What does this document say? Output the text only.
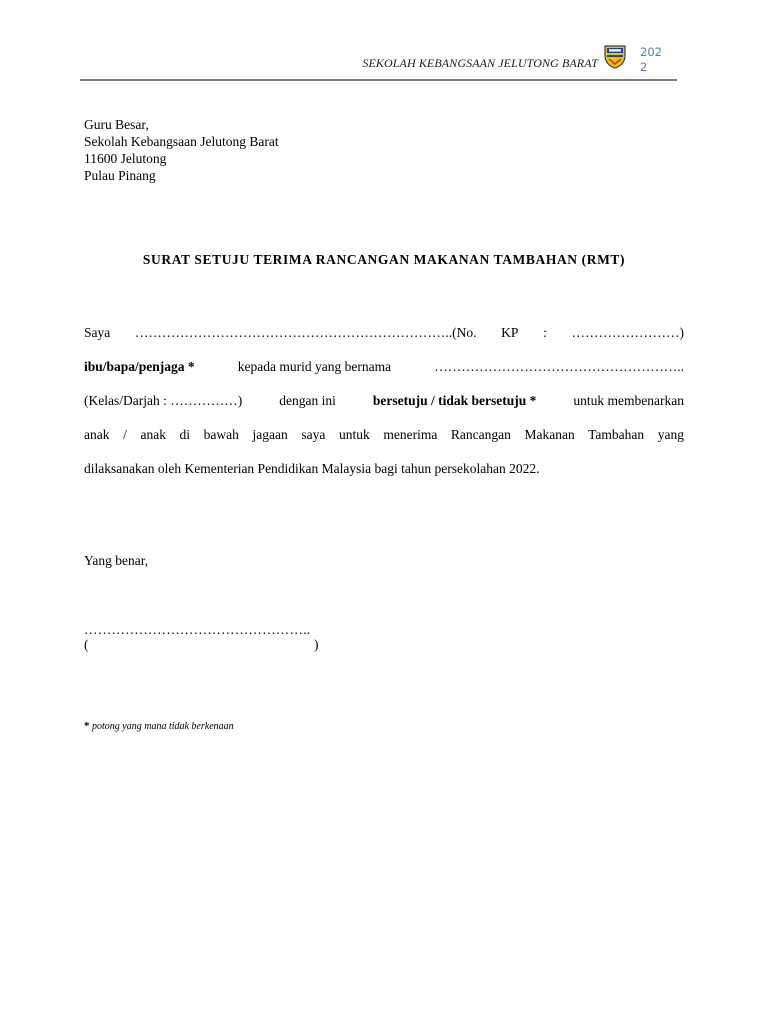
SEKOLAH KEBANGSAAN JELUTONG BARAT
2022
Guru Besar,
Sekolah Kebangsaan Jelutong Barat
11600 Jelutong
Pulau Pinang
SURAT SETUJU TERIMA RANCANGAN MAKANAN TAMBAHAN (RMT)
Saya ……………………………………………………………..(No. KP : ……………………)
ibu/bapa/penjaga *	kepada murid yang bernama	………………………………………………..
(Kelas/Darjah : ……………)	dengan ini	bersetuju / tidak bersetuju *	untuk membenarkan
anak / anak di bawah jagaan saya untuk menerima Rancangan Makanan Tambahan yang
dilaksanakan oleh Kementerian Pendidikan Malaysia bagi tahun persekolahan 2022.
Yang benar,
…………………………………………..
(	)
* potong yang mana tidak berkenaan
